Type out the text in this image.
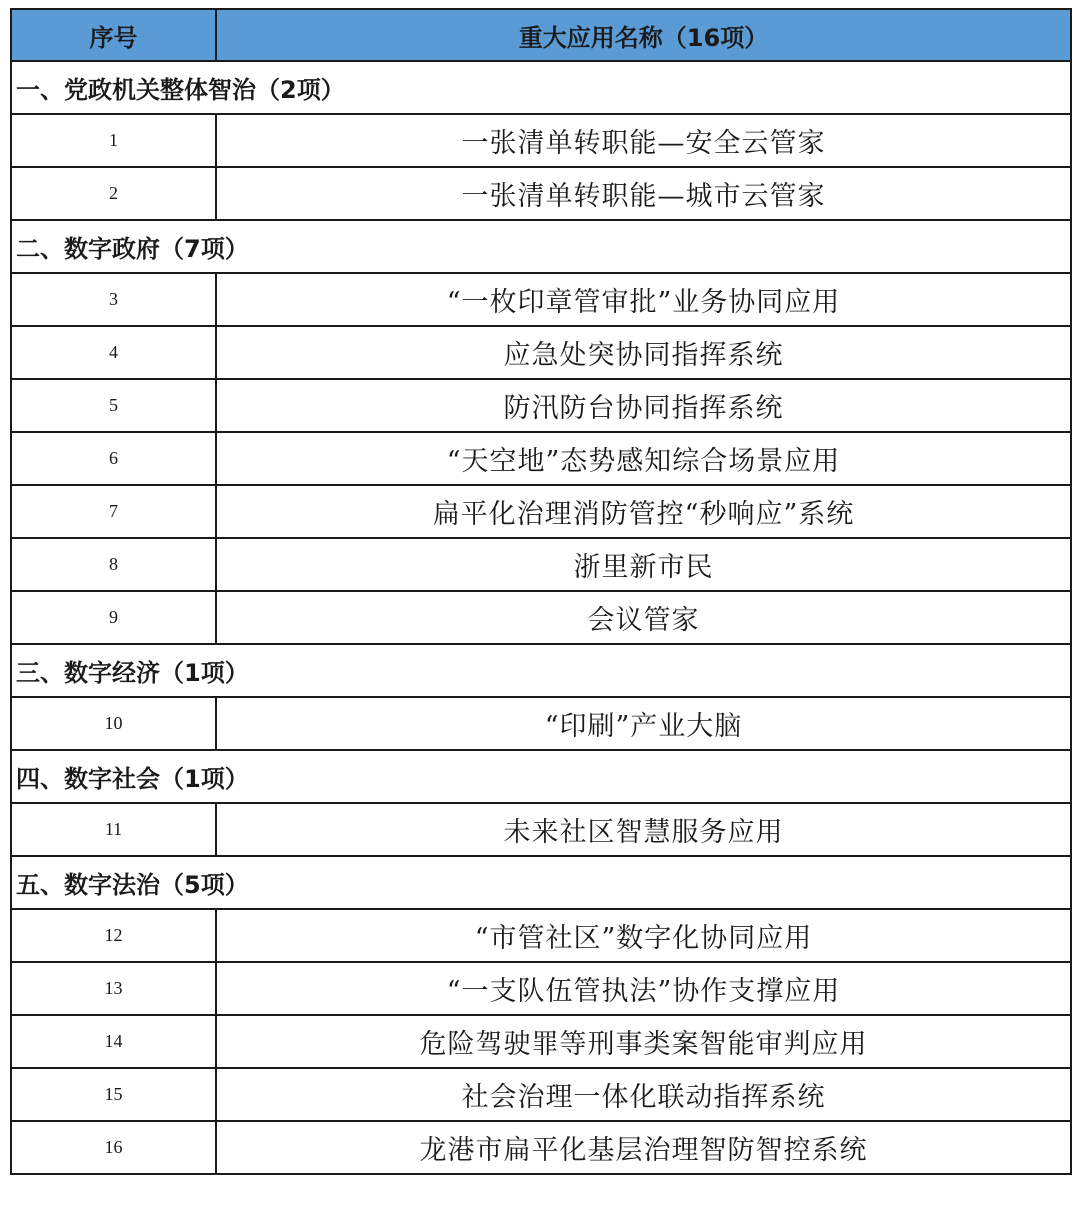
序号	重大应用名称（16项）
一、党政机关整体智治（2项）	
1	一张清单转职能—安全云管家
2	一张清单转职能—城市云管家
二、数字政府（7项）	
3	“一枚印章管审批”业务协同应用
4	应急处突协同指挥系统
5	防汛防台协同指挥系统
6	“天空地”态势感知综合场景应用
7	扁平化治理消防管控“秒响应”系统
8	浙里新市民
9	会议管家
三、数字经济（1项）	
10	“印刷”产业大脑
四、数字社会（1项）	
11	未来社区智慧服务应用
五、数字法治（5项）	
12	“市管社区”数字化协同应用
13	“一支队伍管执法”协作支撑应用
14	危险驾驶罪等刑事类案智能审判应用
15	社会治理一体化联动指挥系统
16	龙港市扁平化基层治理智防智控系统
